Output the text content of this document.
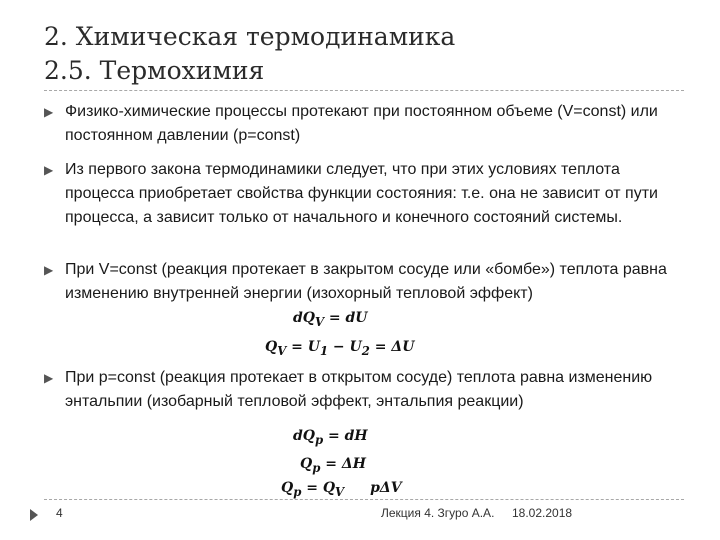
2. Химическая термодинамика
2.5. Термохимия
▶ Физико-химические процессы протекают при постоянном объеме (V=const) или постоянном давлении (p=const)
▶ Из первого закона термодинамики следует, что при этих условиях теплота процесса приобретает свойства функции состояния: т.е. она не зависит от пути процесса, а зависит только от начального и конечного состояний системы.
▶ При V=const (реакция протекает в закрытом сосуде или «бомбе») теплота равна изменению внутренней энергии (изохорный тепловой эффект)
$dQ_V$ = dU
$Q_V = U_1 - U_2 = \Delta U$
▶ При p=const (реакция протекает в открытом сосуде) теплота равна изменению энтальпии (изобарный тепловой эффект, энтальпия реакции)
$dQ_p$ = dH
$Q_p = \Delta H$
$Q_p = Q_V$ pΔV
4	Лекция 4. Згуро А.А. 18.02.2018
